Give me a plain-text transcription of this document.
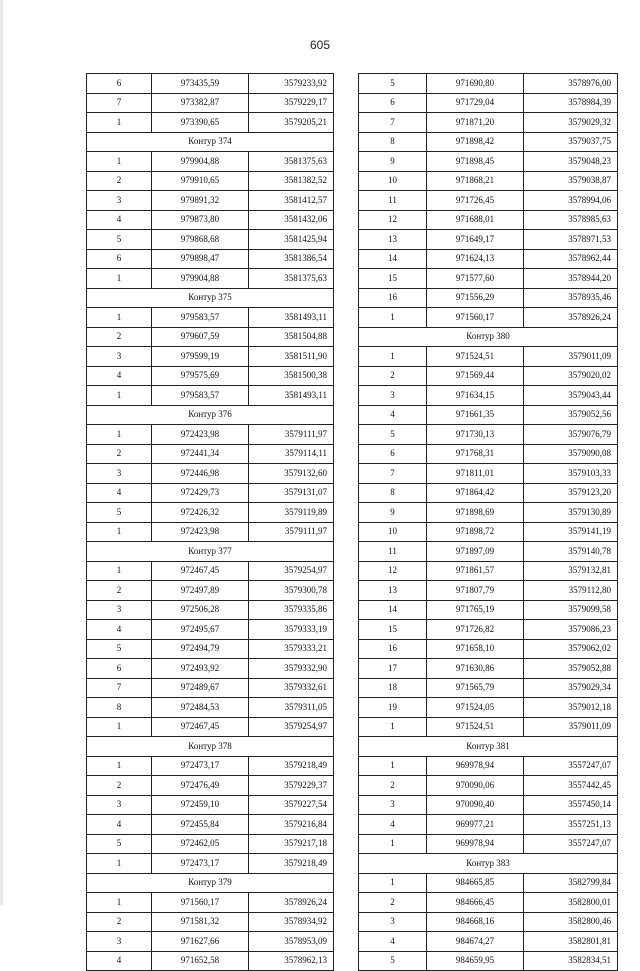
605
6	973435,59	3579233,92
7	973382,87	3579229,17
1	973390,65	3579205,21
Контур 374		
1	979904,88	3581375,63
2	979910,65	3581382,52
3	979891,32	3581412,57
4	979873,80	3581432,06
5	979868,68	3581425,94
6	979898,47	3581386,54
1	979904,88	3581375,63
Контур 375		
1	979583,57	3581493,11
2	979607,59	3581504,88
3	979599,19	3581511,90
4	979575,69	3581500,38
1	979583,57	3581493,11
Контур 376		
1	972423,98	3579111,97
2	972441,34	3579114,11
3	972446,98	3579132,60
4	972429,73	3579131,07
5	972426,32	3579119,89
1	972423,98	3579111,97
Контур 377		
1	972467,45	3579254,97
2	972497,89	3579300,78
3	972506,28	3579335,86
4	972495,67	3579333,19
5	972494,79	3579333,21
6	972493,92	3579332,90
7	972489,67	3579332,61
8	972484,53	3579311,05
1	972467,45	3579254,97
Контур 378		
1	972473,17	3579218,49
2	972476,49	3579229,37
3	972459,10	3579227,54
4	972455,84	3579216,84
5	972462,05	3579217,18
1	972473,17	3579218,49
Контур 379		
1	971560,17	3578926,24
2	971581,32	3578934,92
3	971627,66	3578953,09
4	971652,58	3578962,13
5	971690,80	3578976,00
6	971729,04	3578984,39
7	971871,20	3579029,32
8	971898,42	3579037,75
9	971898,45	3579048,23
10	971868,21	3579038,87
11	971726,45	3578994,06
12	971688,01	3578985,63
13	971649,17	3578971,53
14	971624,13	3578962,44
15	971577,60	3578944,20
16	971556,29	3578935,46
1	971560,17	3578926,24
Контур 380		
1	971524,51	3579011,09
2	971569,44	3579020,02
3	971634,15	3579043,44
4	971661,35	3579052,56
5	971730,13	3579076,79
6	971768,31	3579090,08
7	971811,01	3579103,33
8	971864,42	3579123,20
9	971898,69	3579130,89
10	971898,72	3579141,19
11	971897,09	3579140,78
12	971861,57	3579132,81
13	971807,79	3579112,80
14	971765,19	3579099,58
15	971726,82	3579086,23
16	971658,10	3579062,02
17	971630,86	3579052,88
18	971565,79	3579029,34
19	971524,05	3579012,18
1	971524,51	3579011,09
Контур 381		
1	969978,94	3557247,07
2	970090,06	3557442,45
3	970090,40	3557450,14
4	969977,21	3557251,13
1	969978,94	3557247,07
Контур 383		
1	984665,85	3582799,84
2	984666,45	3582800,01
3	984668,16	3582800,46
4	984674,27	3582801,81
5	984659,95	3582834,51
